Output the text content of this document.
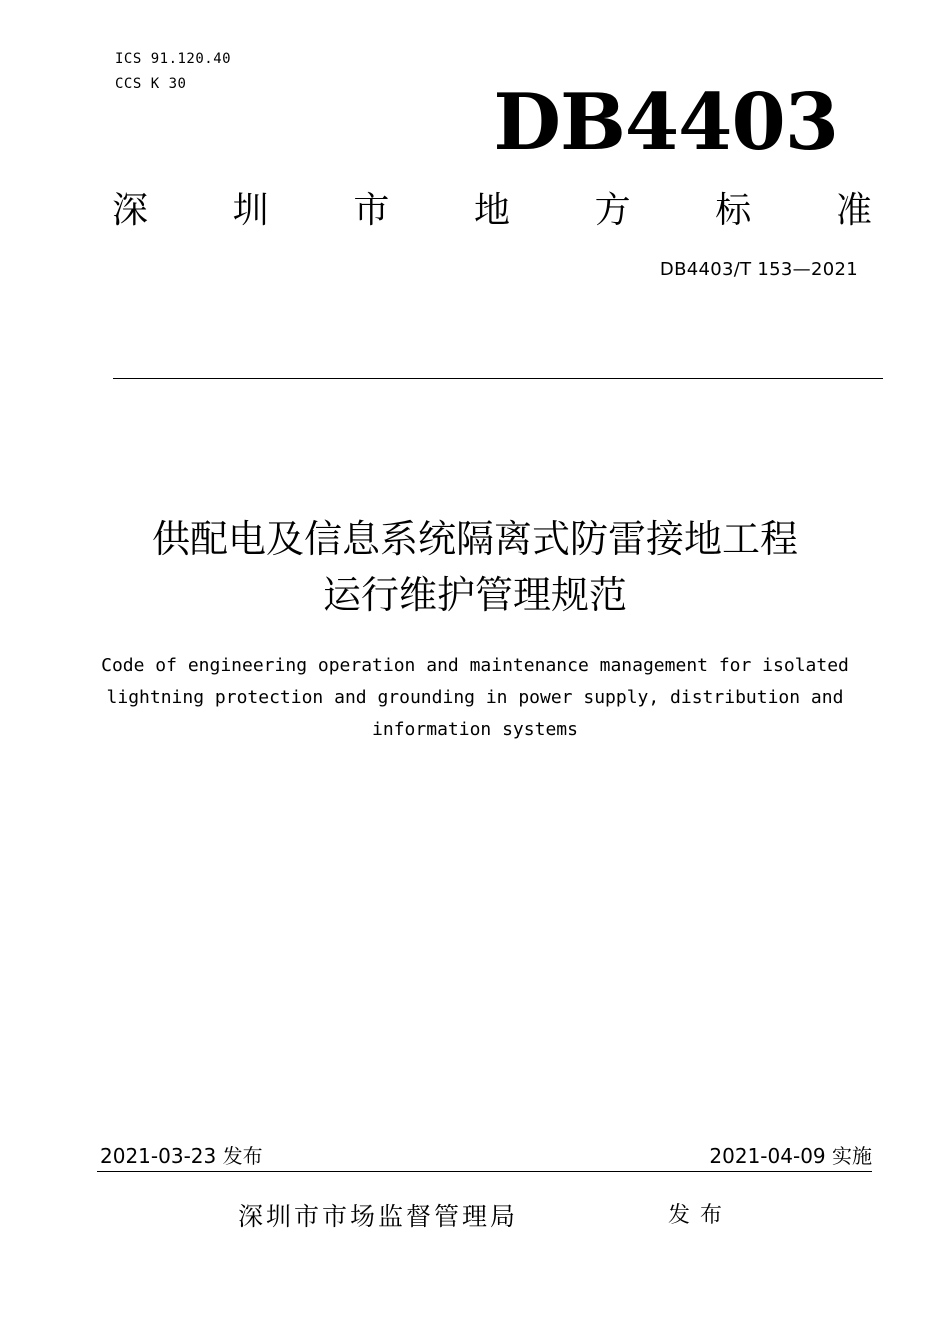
ICS 91.120.40
CCS K 30	DB4403
深 圳 市 地 方 标 准
DB4403/T 153—2021
供配电及信息系统隔离式防雷接地工程
运行维护管理规范
Code of engineering operation and maintenance management for isolated lightning protection and grounding in power supply, distribution and information systems
2021-03-23 发布	2021-04-09 实施
深圳市市场监督管理局	发布
